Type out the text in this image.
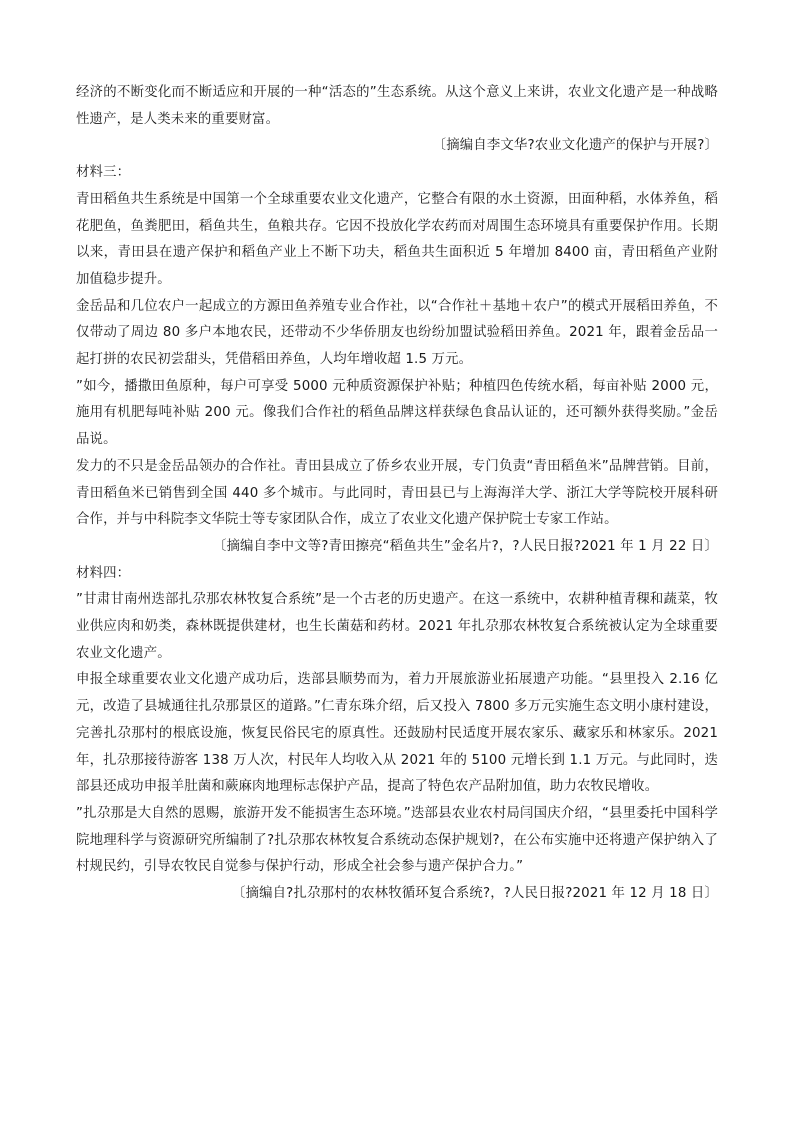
经济的不断变化而不断适应和开展的一种“活态的”生态系统。从这个意义上来讲，农业文化遗产是一种战略性遗产，是人类未来的重要财富。

〔摘编自李文华?农业文化遗产的保护与开展?〕

材料三：

青田稻鱼共生系统是中国第一个全球重要农业文化遗产，它整合有限的水土资源，田面种稻，水体养鱼，稻花肥鱼，鱼粪肥田，稻鱼共生，鱼粮共存。它因不投放化学农药而对周围生态环境具有重要保护作用。长期以来，青田县在遗产保护和稻鱼产业上不断下功夫，稻鱼共生面积近 5 年增加 8400 亩，青田稻鱼产业附加值稳步提升。

金岳品和几位农户一起成立的方源田鱼养殖专业合作社，以“合作社＋基地＋农户”的模式开展稻田养鱼，不仅带动了周边 80 多户本地农民，还带动不少华侨朋友也纷纷加盟试验稻田养鱼。2021 年，跟着金岳品一起打拼的农民初尝甜头，凭借稻田养鱼，人均年增收超 1.5 万元。

”如今，播撒田鱼原种，每户可享受 5000 元种质资源保护补贴；种植四色传统水稻，每亩补贴 2000 元，施用有机肥每吨补贴 200 元。像我们合作社的稻鱼品牌这样获绿色食品认证的，还可额外获得奖励。”金岳品说。

发力的不只是金岳品领办的合作社。青田县成立了侨乡农业开展，专门负责“青田稻鱼米”品牌营销。目前，青田稻鱼米已销售到全国 440 多个城市。与此同时，青田县已与上海海洋大学、浙江大学等院校开展科研合作，并与中科院李文华院士等专家团队合作，成立了农业文化遗产保护院士专家工作站。

〔摘编自李中文等?青田擦亮“稻鱼共生”金名片?，?人民日报?2021 年 1 月 22 日〕

材料四：

”甘肃甘南州迭部扎尕那农林牧复合系统”是一个古老的历史遗产。在这一系统中，农耕种植青稞和蔬菜，牧业供应肉和奶类，森林既提供建材，也生长菌菇和药材。2021 年扎尕那农林牧复合系统被认定为全球重要农业文化遗产。

申报全球重要农业文化遗产成功后，迭部县顺势而为，着力开展旅游业拓展遗产功能。“县里投入 2.16 亿元，改造了县城通往扎尕那景区的道路。”仁青东珠介绍，后又投入 7800 多万元实施生态文明小康村建设，完善扎尕那村的根底设施，恢复民俗民宅的原真性。还鼓励村民适度开展农家乐、藏家乐和林家乐。2021 年，扎尕那接待游客 138 万人次，村民年人均收入从 2021 年的 5100 元增长到 1.1 万元。与此同时，迭部县还成功申报羊肚菌和蕨麻肉地理标志保护产品，提高了特色农产品附加值，助力农牧民增收。

”扎尕那是大自然的恩赐，旅游开发不能损害生态环境。”迭部县农业农村局闫国庆介绍，“县里委托中国科学院地理科学与资源研究所编制了?扎尕那农林牧复合系统动态保护规划?，在公布实施中还将遗产保护纳入了村规民约，引导农牧民自觉参与保护行动，形成全社会参与遗产保护合力。”

〔摘编自?扎尕那村的农林牧循环复合系统?，?人民日报?2021 年 12 月 18 日〕
